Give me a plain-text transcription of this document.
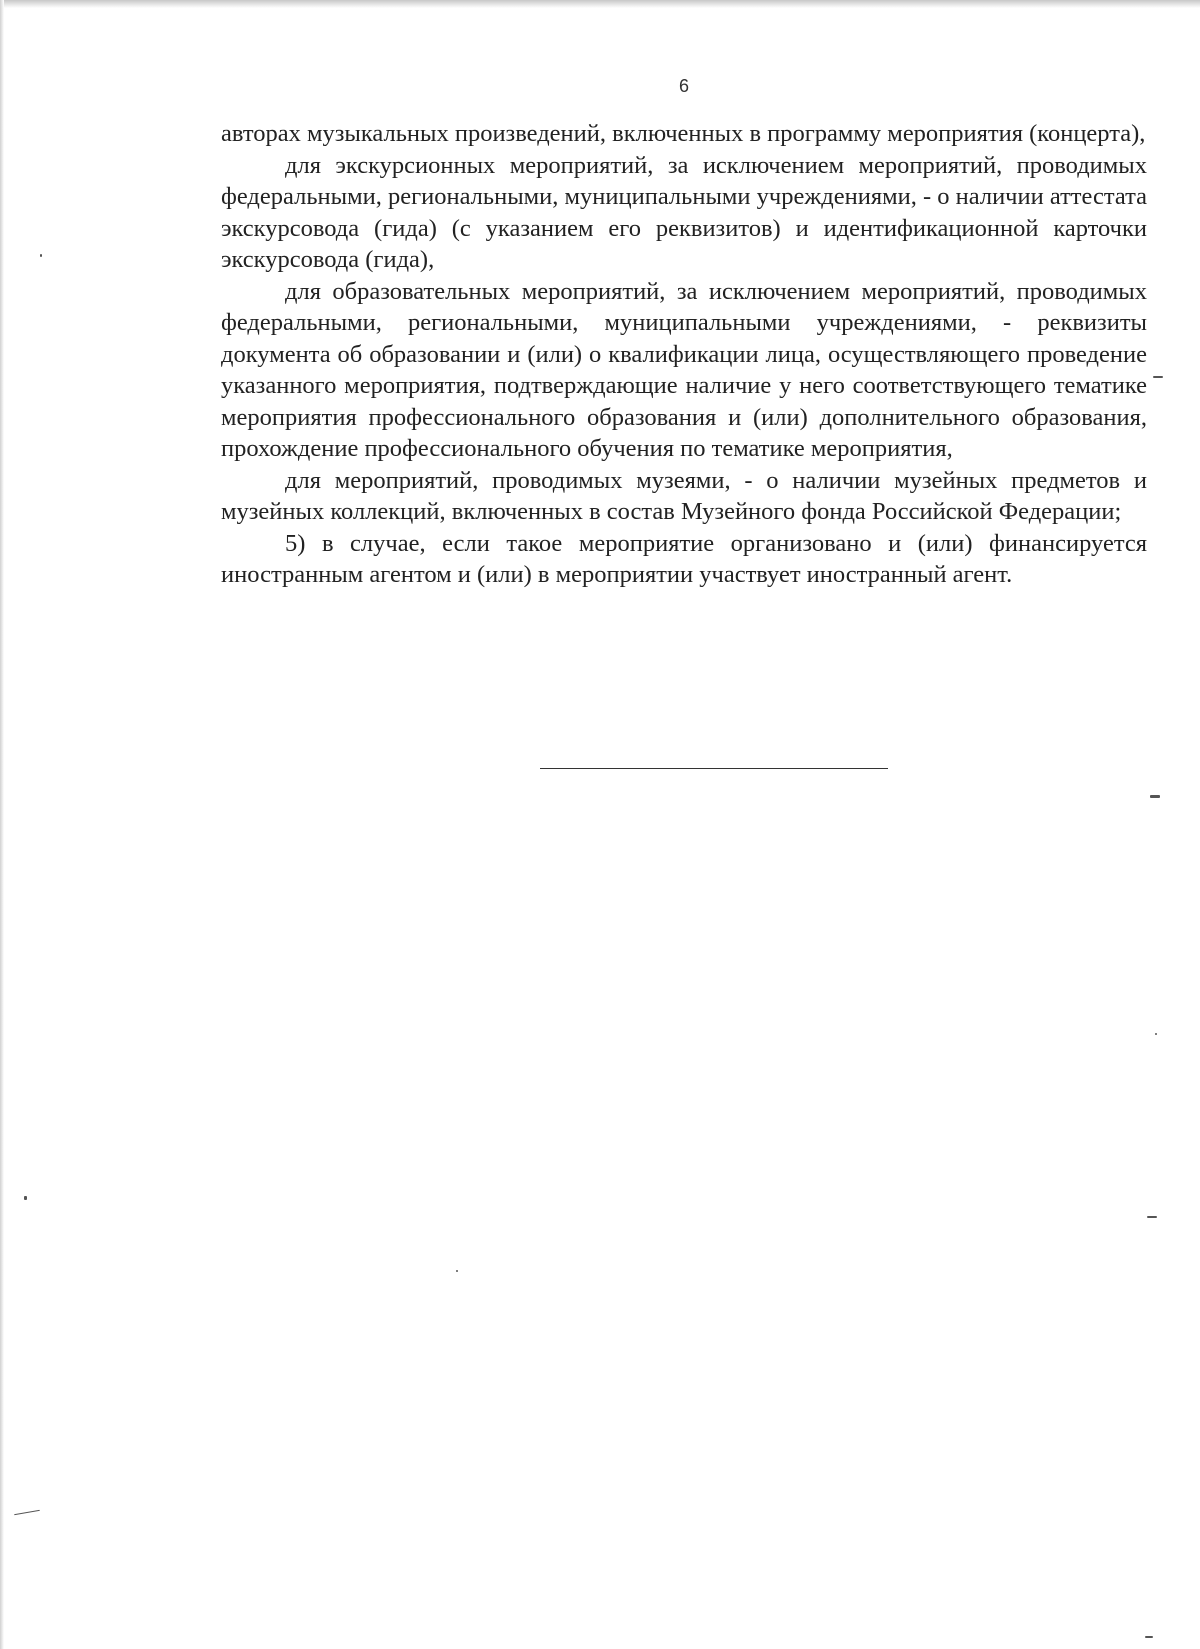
6

авторах музыкальных произведений, включенных в программу мероприятия (концерта),

для экскурсионных мероприятий, за исключением мероприятий, проводимых федеральными, региональными, муниципальными учреждениями, - о наличии аттестата экскурсовода (гида) (с указанием его реквизитов) и идентификационной карточки экскурсовода (гида),

для образовательных мероприятий, за исключением мероприятий, проводимых федеральными, региональными, муниципальными учреждениями, - реквизиты документа об образовании и (или) о квалификации лица, осуществляющего проведение указанного мероприятия, подтверждающие наличие у него соответствующего тематике мероприятия профессионального образования и (или) дополнительного образования, прохождение профессионального обучения по тематике мероприятия,

для мероприятий, проводимых музеями, - о наличии музейных предметов и музейных коллекций, включенных в состав Музейного фонда Российской Федерации;

5) в случае, если такое мероприятие организовано и (или) финансируется иностранным агентом и (или) в мероприятии участвует иностранный агент.
